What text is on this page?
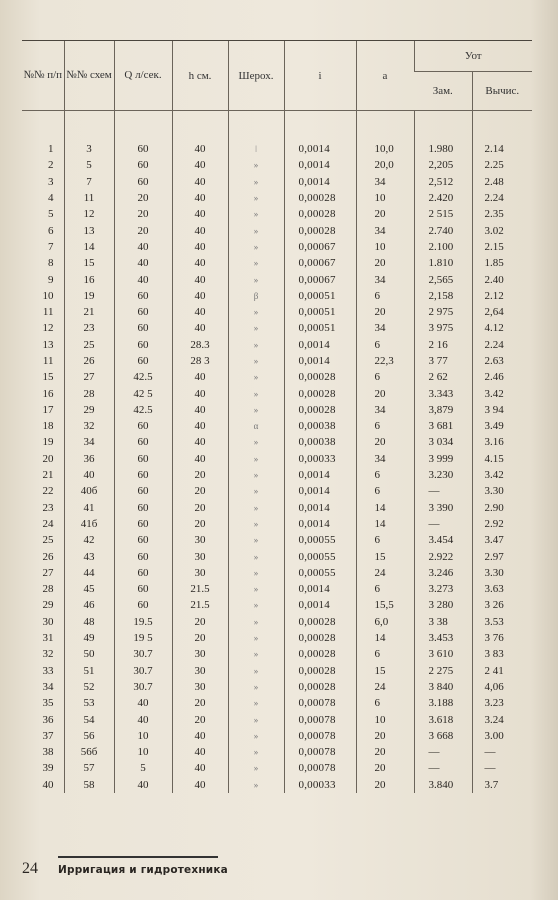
№№ п/п	№№ схем	Q л/сек.	h см.	Шерох.	i	a	Уот	
							Зам.	Вычис.

1	3	60	40	ǀ	0,0014	10,0	1.980	2.14
2	5	60	40	»	0,0014	20,0	2,205	2.25
3	7	60	40	»	0,0014	34	2,512	2.48
4	11	20	40	»	0,00028	10	2.420	2.24
5	12	20	40	»	0,00028	20	2 515	2.35
6	13	20	40	»	0,00028	34	2.740	3.02
7	14	40	40	»	0,00067	10	2.100	2.15
8	15	40	40	»	0,00067	20	1.810	1.85
9	16	40	40	»	0,00067	34	2,565	2.40
10	19	60	40	β	0,00051	6	2,158	2.12
11	21	60	40	»	0,00051	20	2 975	2,64
12	23	60	40	»	0,00051	34	3 975	4.12
13	25	60	28.3	»	0,0014	6	2 16	2.24
11	26	60	28 3	»	0,0014	22,3	3 77	2.63
15	27	42.5	40	»	0,00028	6	2 62	2.46
16	28	42 5	40	»	0,00028	20	3.343	3.42
17	29	42.5	40	»	0,00028	34	3,879	3 94
18	32	60	40	α	0,00038	6	3 681	3.49
19	34	60	40	»	0,00038	20	3 034	3.16
20	36	60	40	»	0,00033	34	3 999	4.15
21	40	60	20	»	0,0014	6	3.230	3.42
22	40б	60	20	»	0,0014	6	—	3.30
23	41	60	20	»	0,0014	14	3 390	2.90
24	41б	60	20	»	0,0014	14	—	2.92
25	42	60	30	»	0,00055	6	3.454	3.47
26	43	60	30	»	0,00055	15	2.922	2.97
27	44	60	30	»	0,00055	24	3.246	3.30
28	45	60	21.5	»	0,0014	6	3.273	3.63
29	46	60	21.5	»	0,0014	15,5	3 280	3 26
30	48	19.5	20	»	0,00028	6,0	3 38	3.53
31	49	19 5	20	»	0,00028	14	3.453	3 76
32	50	30.7	30	»	0,00028	6	3 610	3 83
33	51	30.7	30	»	0,00028	15	2 275	2 41
34	52	30.7	30	»	0,00028	24	3 840	4,06
35	53	40	20	»	0,00078	6	3.188	3.23
36	54	40	20	»	0,00078	10	3.618	3.24
37	56	10	40	»	0,00078	20	3 668	3.00
38	56б	10	40	»	0,00078	20	—	—
39	57	5	40	»	0,00078	20	—	—
40	58	40	40	»	0,00033	20	3.840	3.7
24 Ирригация и гидротехника
